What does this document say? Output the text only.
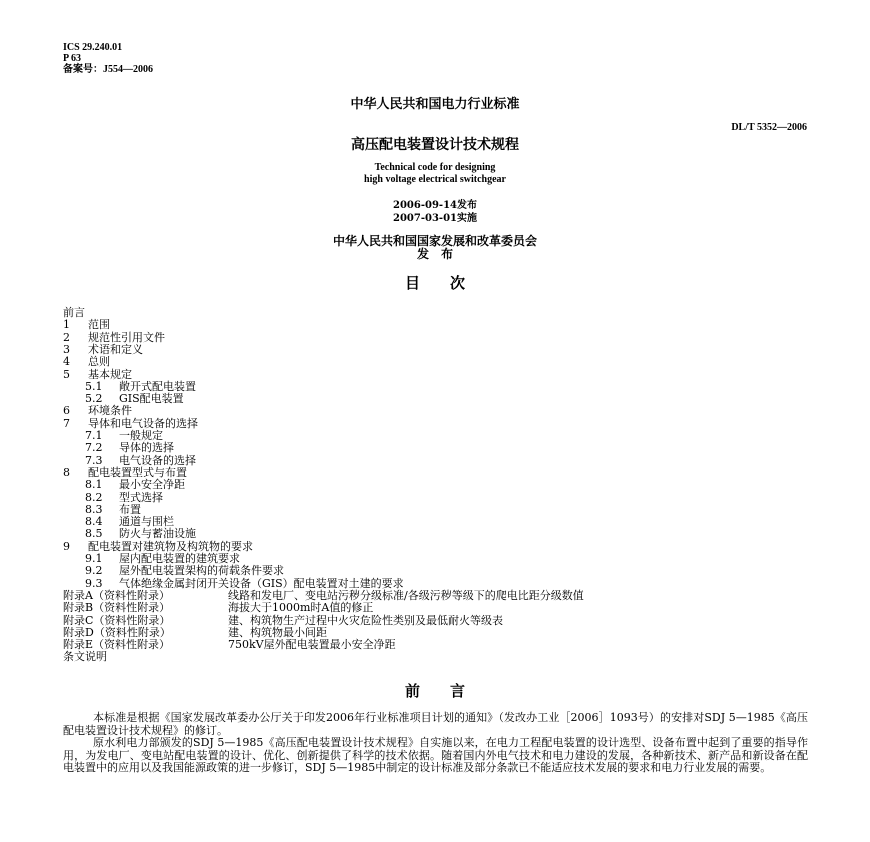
ICS 29.240.01
P 63
备案号：J554—2006
中华人民共和国电力行业标准
DL/T 5352—2006
高压配电装置设计技术规程
Technical code for designing
high voltage electrical switchgear
2006-09-14发布
2007-03-01实施
中华人民共和国国家发展和改革委员会
发　布
目　　次
前言
1 范围
2 规范性引用文件
3 术语和定义
4 总则
5 基本规定
5.1 敞开式配电装置
5.2 GIS配电装置
6 环境条件
7 导体和电气设备的选择
7.1 一般规定
7.2 导体的选择
7.3 电气设备的选择
8 配电装置型式与布置
8.1 最小安全净距
8.2 型式选择
8.3 布置
8.4 通道与围栏
8.5 防火与蓄油设施
9 配电装置对建筑物及构筑物的要求
9.1 屋内配电装置的建筑要求
9.2 屋外配电装置架构的荷载条件要求
9.3 气体绝缘金属封闭开关设备（GIS）配电装置对土建的要求
附录A（资料性附录）	线路和发电厂、变电站污秽分级标准/各级污秽等级下的爬电比距分级数值
附录B（资料性附录）	海拔大于1000m时A值的修正
附录C（资料性附录）	建、构筑物生产过程中火灾危险性类别及最低耐火等级表
附录D（资料性附录）	建、构筑物最小间距
附录E（资料性附录）	750kV屋外配电装置最小安全净距
条文说明
前　　言
本标准是根据《国家发展改革委办公厅关于印发2006年行业标准项目计划的通知》（发改办工业［2006］1093号）的安排对SDJ 5—1985《高压配电装置设计技术规程》的修订。
原水利电力部颁发的SDJ 5—1985《高压配电装置设计技术规程》自实施以来，在电力工程配电装置的设计选型、设备布置中起到了重要的指导作用，为发电厂、变电站配电装置的设计、优化、创新提供了科学的技术依据。随着国内外电气技术和电力建设的发展，各种新技术、新产品和新设备在配电装置中的应用以及我国能源政策的进一步修订，SDJ 5—1985中制定的设计标准及部分条款已不能适应技术发展的要求和电力行业发展的需要。
